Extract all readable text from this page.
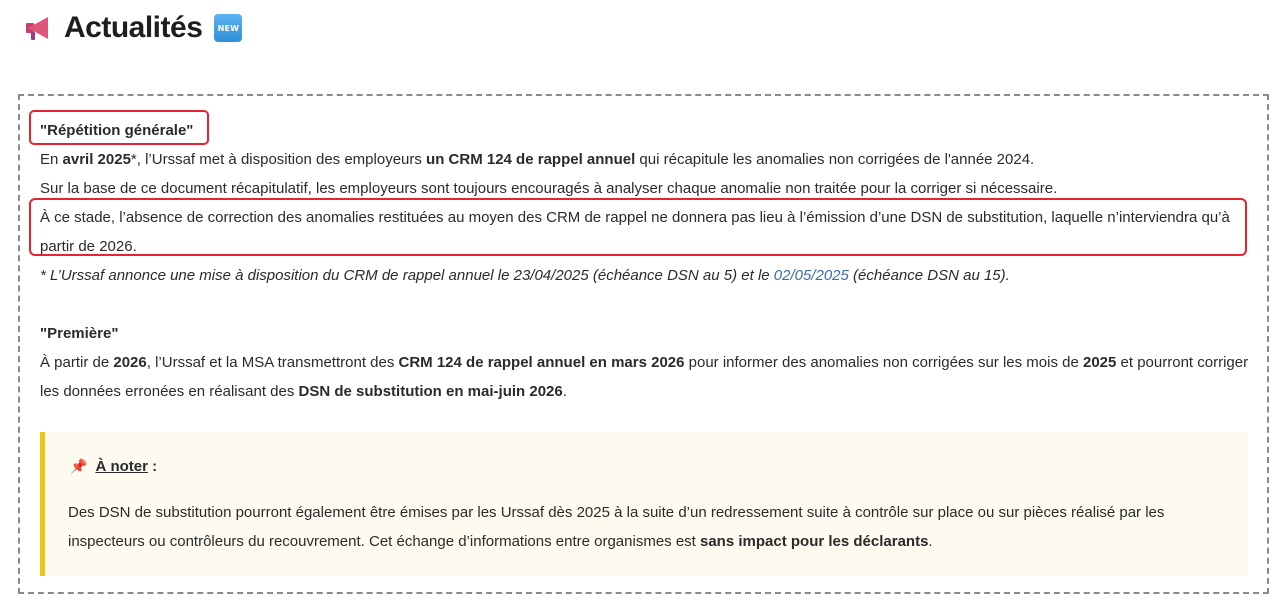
Actualités	NEW

"Répétition générale"

En avril 2025*, l’Urssaf met à disposition des employeurs un CRM 124 de rappel annuel qui récapitule les anomalies non corrigées de l'année 2024.

Sur la base de ce document récapitulatif, les employeurs sont toujours encouragés à analyser chaque anomalie non traitée pour la corriger si nécessaire.

À ce stade, l’absence de correction des anomalies restituées au moyen des CRM de rappel ne donnera pas lieu à l’émission d’une DSN de substitution, laquelle n’interviendra qu’à partir de 2026.

* L’Urssaf annonce une mise à disposition du CRM de rappel annuel le 23/04/2025 (échéance DSN au 5) et le 02/05/2025 (échéance DSN au 15).

"Première"

À partir de 2026, l’Urssaf et la MSA transmettront des CRM 124 de rappel annuel en mars 2026 pour informer des anomalies non corrigées sur les mois de 2025 et pourront corriger les données erronées en réalisant des DSN de substitution en mai-juin 2026.

📌 À noter :
Des DSN de substitution pourront également être émises par les Urssaf dès 2025 à la suite d’un redressement suite à contrôle sur place ou sur pièces réalisé par les inspecteurs ou contrôleurs du recouvrement. Cet échange d’informations entre organismes est sans impact pour les déclarants.
